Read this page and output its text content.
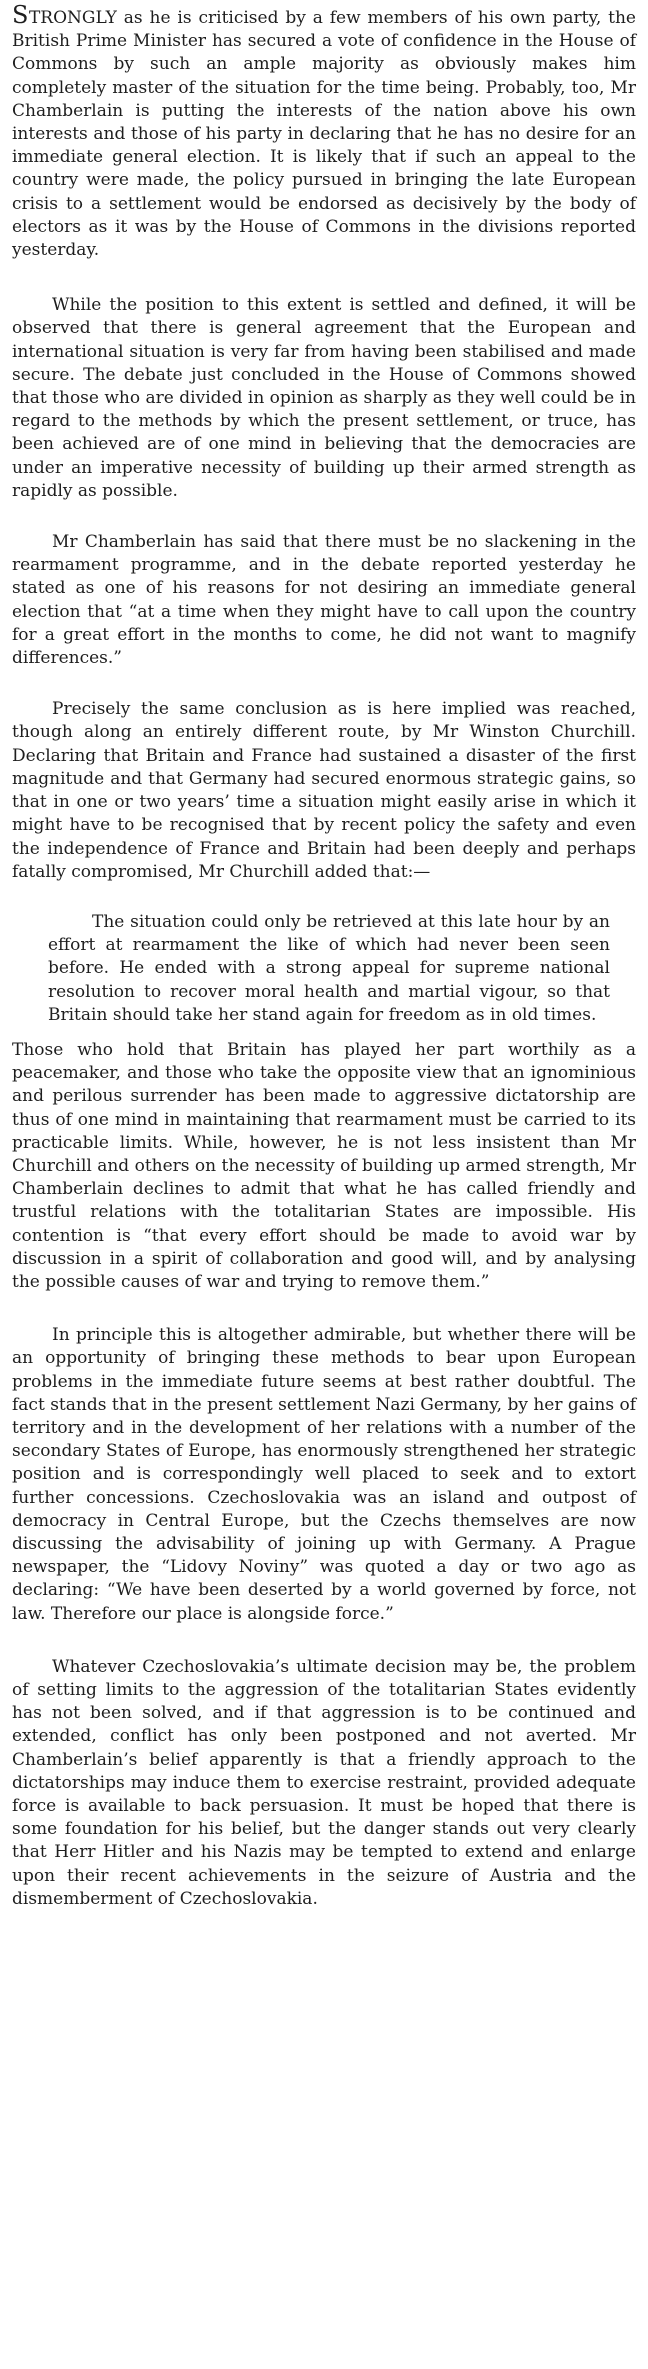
STRONGLY as he is criticised by a few members of his own party, the British Prime Minister has secured a vote of confidence in the House of Commons by such an ample majority as obviously makes him completely master of the situation for the time being. Probably, too, Mr Chamberlain is putting the interests of the nation above his own interests and those of his party in declaring that he has no desire for an immediate general election. It is likely that if such an appeal to the country were made, the policy pursued in bringing the late European crisis to a settlement would be endorsed as decisively by the body of electors as it was by the House of Commons in the divisions reported yesterday.

While the position to this extent is settled and defined, it will be observed that there is general agreement that the European and international situation is very far from having been stabilised and made secure. The debate just concluded in the House of Commons showed that those who are divided in opinion as sharply as they well could be in regard to the methods by which the present settlement, or truce, has been achieved are of one mind in believing that the democracies are under an imperative necessity of building up their armed strength as rapidly as possible.

Mr Chamberlain has said that there must be no slackening in the rearmament programme, and in the debate reported yesterday he stated as one of his reasons for not desiring an immediate general election that “at a time when they might have to call upon the country for a great effort in the months to come, he did not want to magnify differences.”

Precisely the same conclusion as is here implied was reached, though along an entirely different route, by Mr Winston Churchill. Declaring that Britain and France had sustained a disaster of the first magnitude and that Germany had secured enormous strategic gains, so that in one or two years’ time a situation might easily arise in which it might have to be recognised that by recent policy the safety and even the independence of France and Britain had been deeply and perhaps fatally compromised, Mr Churchill added that:—

The situation could only be retrieved at this late hour by an effort at rearmament the like of which had never been seen before. He ended with a strong appeal for supreme national resolution to recover moral health and martial vigour, so that Britain should take her stand again for freedom as in old times.

Those who hold that Britain has played her part worthily as a peacemaker, and those who take the opposite view that an ignominious and perilous surrender has been made to aggressive dictatorship are thus of one mind in maintaining that rearmament must be carried to its practicable limits. While, however, he is not less insistent than Mr Churchill and others on the necessity of building up armed strength, Mr Chamberlain declines to admit that what he has called friendly and trustful relations with the totalitarian States are impossible. His contention is “that every effort should be made to avoid war by discussion in a spirit of collaboration and good will, and by analysing the possible causes of war and trying to remove them.”

In principle this is altogether admirable, but whether there will be an opportunity of bringing these methods to bear upon European problems in the immediate future seems at best rather doubtful. The fact stands that in the present settlement Nazi Germany, by her gains of territory and in the development of her relations with a number of the secondary States of Europe, has enormously strengthened her strategic position and is correspondingly well placed to seek and to extort further concessions. Czechoslovakia was an island and outpost of democracy in Central Europe, but the Czechs themselves are now discussing the advisability of joining up with Germany. A Prague newspaper, the “Lidovy Noviny” was quoted a day or two ago as declaring: “We have been deserted by a world governed by force, not law. Therefore our place is alongside force.”

Whatever Czechoslovakia’s ultimate decision may be, the problem of setting limits to the aggression of the totalitarian States evidently has not been solved, and if that aggression is to be continued and extended, conflict has only been postponed and not averted. Mr Chamberlain’s belief apparently is that a friendly approach to the dictatorships may induce them to exercise restraint, provided adequate force is available to back persuasion. It must be hoped that there is some foundation for his belief, but the danger stands out very clearly that Herr Hitler and his Nazis may be tempted to extend and enlarge upon their recent achievements in the seizure of Austria and the dismemberment of Czechoslovakia.
